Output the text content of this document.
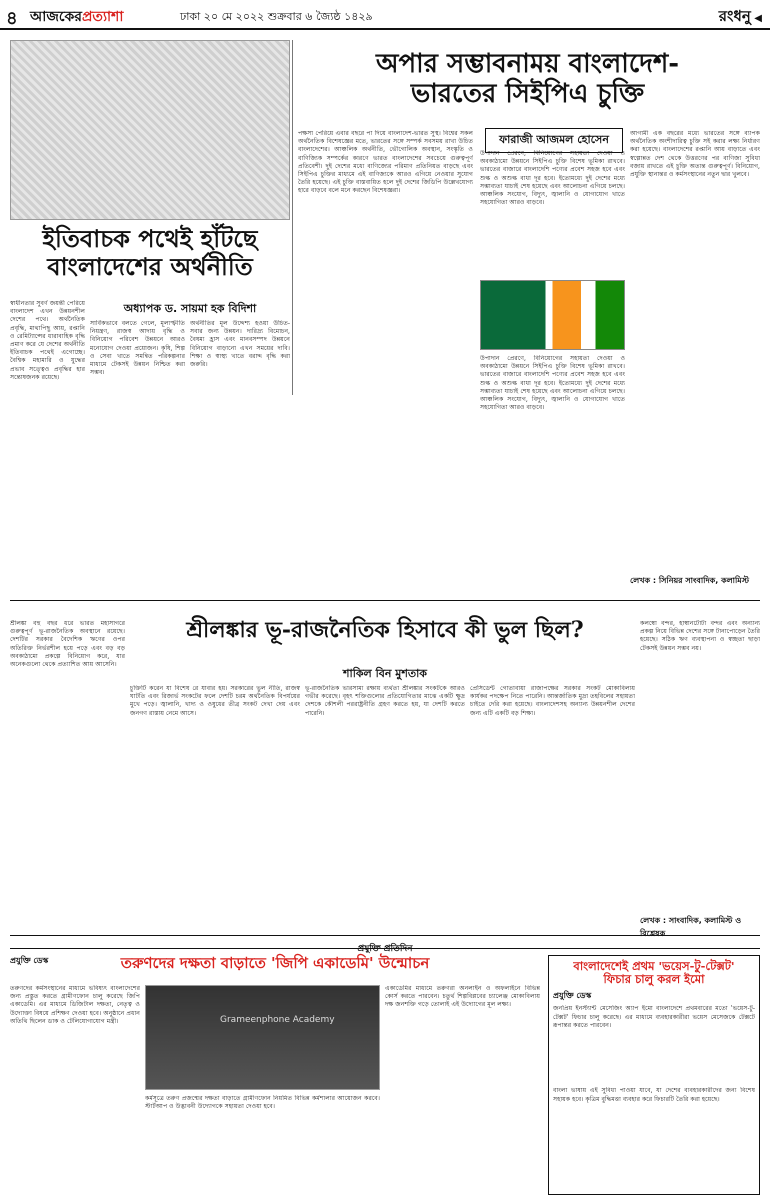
৪ আজকেরপ্রত্যাশা	ঢাকা ২০ মে ২০২২ শুক্রবার ৬ জ্যৈষ্ঠ ১৪২৯	রংধনু ◀
অপার সম্ভাবনাময় বাংলাদেশ-
ভারতের সিইপিএ চুক্তি
পক্ষসা পেরিয়ে এবার বছরে পা দিয়ে বাংলাদেশ-ভারত সুস্থ। বিশ্বের সকল অর্থনৈতিক বিশেষজ্ঞের মতে, ভারতের সঙ্গে সম্পর্ক সবসময় রাখা উচিত বাংলাদেশের। আঞ্চলিক অর্থনীতি, ভৌগোলিক অবস্থান, সংস্কৃতি ও বাণিজ্যিক সম্পর্কের কারণে ভারত বাংলাদেশের সবচেয়ে গুরুত্বপূর্ণ প্রতিবেশী। দুই দেশের মধ্যে বাণিজ্যের পরিমাণ প্রতিনিয়ত বাড়ছে এবং সিইপিএ চুক্তির মাধ্যমে এই বাণিজ্যকে আরও এগিয়ে নেওয়ার সুযোগ তৈরি হয়েছে। এই চুক্তি বাস্তবায়িত হলে দুই দেশের জিডিপি উল্লেখযোগ্য হারে বাড়বে বলে মনে করছেন বিশেষজ্ঞরা।
ফারাজী আজমল হোসেন
উপাদান প্রেরণে, বিনিয়োগের সহায়তা দেওয়া ও অবকাঠামো উন্নয়নে সিইপিএ চুক্তি বিশেষ ভূমিকা রাখবে। ভারতের বাজারে বাংলাদেশি পণ্যের প্রবেশ সহজ হবে এবং শুল্ক ও অশুল্ক বাধা দূর হবে। ইতোমধ্যে দুই দেশের মধ্যে সম্ভাব্যতা যাচাই শেষ হয়েছে এবং আলোচনা এগিয়ে চলছে। আঞ্চলিক সংযোগ, বিদ্যুৎ, জ্বালানি ও যোগাযোগ খাতে সহযোগিতা আরও বাড়বে।
উপাদান প্রেরণে, বিনিয়োগের সহায়তা দেওয়া ও অবকাঠামো উন্নয়নে সিইপিএ চুক্তি বিশেষ ভূমিকা রাখবে। ভারতের বাজারে বাংলাদেশি পণ্যের প্রবেশ সহজ হবে এবং শুল্ক ও অশুল্ক বাধা দূর হবে। ইতোমধ্যে দুই দেশের মধ্যে সম্ভাব্যতা যাচাই শেষ হয়েছে এবং আলোচনা এগিয়ে চলছে। আঞ্চলিক সংযোগ, বিদ্যুৎ, জ্বালানি ও যোগাযোগ খাতে সহযোগিতা আরও বাড়বে।
আগামী এক বছরের মধ্যে ভারতের সঙ্গে ব্যাপক অর্থনৈতিক অংশীদারিত্ব চুক্তি সই করার লক্ষ্য নির্ধারণ করা হয়েছে। বাংলাদেশের রপ্তানি আয় বাড়াতে এবং স্বল্পোন্নত দেশ থেকে উত্তরণের পর বাণিজ্য সুবিধা বজায় রাখতে এই চুক্তি অত্যন্ত গুরুত্বপূর্ণ। বিনিয়োগ, প্রযুক্তি স্থানান্তর ও কর্মসংস্থানের নতুন দ্বার খুলবে।
লেখক : সিনিয়র সাংবাদিক, কলামিস্ট
ইতিবাচক পথেই হাঁটছে
বাংলাদেশের অর্থনীতি
অধ্যাপক ড. সায়মা হক বিদিশা
স্বাধীনতার সুবর্ণ জয়ন্তী পেরিয়ে বাংলাদেশ এখন উন্নয়নশীল দেশের পথে। অর্থনৈতিক প্রবৃদ্ধি, মাথাপিছু আয়, রপ্তানি ও রেমিট্যান্সের ধারাবাহিক বৃদ্ধি প্রমাণ করে যে দেশের অর্থনীতি ইতিবাচক পথেই এগোচ্ছে। বৈশ্বিক মহামারি ও যুদ্ধের প্রভাব সত্ত্বেও প্রবৃদ্ধির হার সন্তোষজনক রয়েছে।
সার্বিকভাবে বলতে গেলে, মূল্যস্ফীতি নিয়ন্ত্রণ, রাজস্ব আদায় বৃদ্ধি ও বিনিয়োগ পরিবেশ উন্নয়নে আরও মনোযোগ দেওয়া প্রয়োজন। কৃষি, শিল্প ও সেবা খাতে সমন্বিত পরিকল্পনার মাধ্যমে টেকসই উন্নয়ন নিশ্চিত করা সম্ভব।
অর্থনীতির মূল উদ্দেশ্য হওয়া উচিত-সবার জন্য উন্নয়ন। দারিদ্র্য বিমোচন, বৈষম্য হ্রাস এবং মানবসম্পদ উন্নয়নে বিনিয়োগ বাড়ানো এখন সময়ের দাবি। শিক্ষা ও স্বাস্থ্য খাতে বরাদ্দ বৃদ্ধি করা জরুরি।
শ্রীলঙ্কার ভূ-রাজনৈতিক হিসাবে কী ভুল ছিল?
শাকিল বিন মুশতাক
শ্রীলঙ্কা বহু বছর ধরে ভারত মহাসাগরে গুরুত্বপূর্ণ ভূ-রাজনৈতিক অবস্থানে রয়েছে। দেশটির সরকার বৈদেশিক ঋণের ওপর অতিরিক্ত নির্ভরশীল হয়ে পড়ে এবং বড় বড় অবকাঠামো প্রকল্পে বিনিয়োগ করে, যার অনেকগুলো থেকে প্রত্যাশিত আয় আসেনি।
চুক্তিটি করেন যা বিশেষ রে যাবার হয়। সরকারের ভুল নীতি, রাজস্ব ঘাটতি এবং রিজার্ভ সংকটের ফলে দেশটি চরম অর্থনৈতিক বিপর্যয়ের মুখে পড়ে। জ্বালানি, খাদ্য ও ওষুধের তীব্র সংকট দেখা দেয় এবং জনগণ রাস্তায় নেমে আসে।
ভূ-রাজনৈতিক ভারসাম্য রক্ষায় ব্যর্থতা শ্রীলঙ্কার সংকটকে আরও গভীর করেছে। বৃহৎ শক্তিগুলোর প্রতিযোগিতার মাঝে একটি ক্ষুদ্র দেশকে কৌশলী পররাষ্ট্রনীতি গ্রহণ করতে হয়, যা দেশটি করতে পারেনি।
প্রেসিডেন্ট গোতাবায়া রাজাপক্ষের সরকার সংকট মোকাবিলায় কার্যকর পদক্ষেপ নিতে পারেনি। আন্তর্জাতিক মুদ্রা তহবিলের সহায়তা চাইতে দেরি করা হয়েছে। বাংলাদেশসহ অন্যান্য উন্নয়নশীল দেশের জন্য এটি একটি বড় শিক্ষা।
কলম্বো বন্দর, হাম্বানটোটা বন্দর এবং অন্যান্য প্রকল্প নিয়ে বিভিন্ন দেশের সঙ্গে টানাপোড়েন তৈরি হয়েছে। সঠিক ঋণ ব্যবস্থাপনা ও স্বচ্ছতা ছাড়া টেকসই উন্নয়ন সম্ভব নয়।
লেখক : সাংবাদিক, কলামিস্ট ও বিশ্লেষক
প্রযুক্তি প্রতিদিন
প্রযুক্তি ডেস্ক	তরুণদের দক্ষতা বাড়াতে 'জিপি একাডেমি' উন্মোচন
তরুণদের কর্মসংস্থানের মাধ্যমে ভবিষ্যৎ বাংলাদেশের জন্য প্রস্তুত করতে গ্রামীণফোন চালু করেছে জিপি একাডেমি। এর মাধ্যমে ডিজিটাল দক্ষতা, নেতৃত্ব ও উদ্যোক্তা বিষয়ে প্রশিক্ষণ দেওয়া হবে। অনুষ্ঠানে প্রধান অতিথি ছিলেন ডাক ও টেলিযোগাযোগ মন্ত্রী।	Grameenphone Academy
একাডেমির মাধ্যমে তরুণরা অনলাইন ও অফলাইনে বিভিন্ন কোর্স করতে পারবেন। চতুর্থ শিল্পবিপ্লবের চ্যালেঞ্জ মোকাবিলায় দক্ষ জনশক্তি গড়ে তোলাই এই উদ্যোগের মূল লক্ষ্য।
কর্মসূত্রে তরুণ প্রজন্মের দক্ষতা বাড়াতে গ্রামীণফোন নিয়মিত বিভিন্ন কর্মশালার আয়োজন করবে। স্টার্টআপ ও উদ্ভাবনী উদ্যোগকে সহায়তা দেওয়া হবে।
বাংলাদেশেই প্রথম 'ভয়েস-টু-টেক্সট'
ফিচার চালু করল ইমো
প্রযুক্তি ডেস্ক
জনপ্রিয় ইনস্ট্যান্ট মেসেজিং অ্যাপ ইমো বাংলাদেশে প্রথমবারের মতো 'ভয়েস-টু-টেক্সট' ফিচার চালু করেছে। এর মাধ্যমে ব্যবহারকারীরা ভয়েস মেসেজকে টেক্সটে রূপান্তর করতে পারবেন।
বাংলা ভাষায় এই সুবিধা পাওয়া যাবে, যা দেশের ব্যবহারকারীদের জন্য বিশেষ সহায়ক হবে। কৃত্রিম বুদ্ধিমত্তা ব্যবহার করে ফিচারটি তৈরি করা হয়েছে।
